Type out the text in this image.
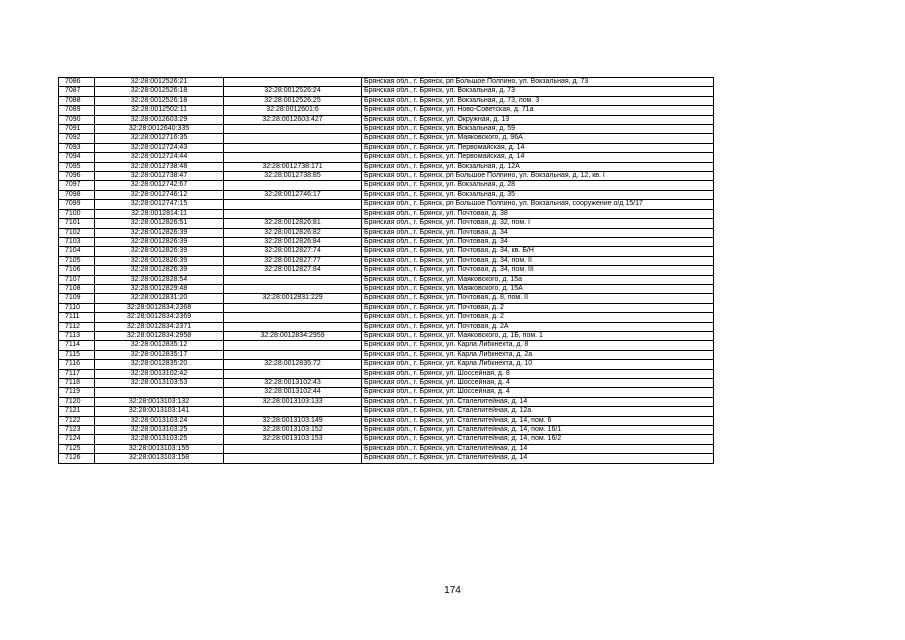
7086	32:28:0012526:21		Брянская обл., г. Брянск, рп Большое Полпино, ул. Вокзальная, д. 73
7087	32:28:0012526:18	32:28:0012526:24	Брянская обл., г. Брянск, ул. Вокзальная, д. 73
7088	32:28:0012526:18	32:28:0012526:25	Брянская обл., г. Брянск, ул. Вокзальная, д. 73, пом. 3
7089	32:28:0012502:11	32:28:0012601:6	Брянская обл., г. Брянск, ул. Ново-Советская, д. 71а
7090	32:28:0012603:29	32:28:0012603:427	Брянская обл., г. Брянск, ул. Окружная, д. 13
7091	32:28:0012640:335		Брянская обл., г. Брянск, ул. Вокзальная, д. 59
7092	32:28:0012716:35		Брянская обл., г. Брянск, ул. Маяковского, д. 96А
7093	32:28:0012724:43		Брянская обл., г. Брянск, ул. Первомайская, д. 14
7094	32:28:0012724:44		Брянская обл., г. Брянск, ул. Первомайская, д. 14
7095	32:28:0012738:48	32:28:0012738:171	Брянская обл., г. Брянск, ул. Вокзальная, д. 12А
7096	32:28:0012738:47	32:28:0012738:85	Брянская обл., г. Брянск, рп Большое Полпино, ул. Вокзальная, д. 12, кв. I
7097	32:28:0012742:67		Брянская обл., г. Брянск, ул. Вокзальная, д. 28
7098	32:28:0012746:12	32:28:0012746:17	Брянская обл., г. Брянск, ул. Вокзальная, д. 35
7099	32:28:0012747:15		Брянская обл., г. Брянск, рп Большое Полпино, ул. Вокзальная, сооружение о/д 15/17
7100	32:28:0012814:11		Брянская обл., г. Брянск, ул. Почтовая, д. 38
7101	32:28:0012826:51	32:28:0012826:81	Брянская обл., г. Брянск, ул. Почтовая, д. 32, пом. I
7102	32:28:0012826:39	32:28:0012826:82	Брянская обл., г. Брянск, ул. Почтовая, д. 34
7103	32:28:0012826:39	32:28:0012826:84	Брянская обл., г. Брянск, ул. Почтовая, д. 34
7104	32:28:0012826:39	32:28:0012827:74	Брянская обл., г. Брянск, ул. Почтовая, д. 34, кв. Б/Н
7105	32:28:0012826:39	32:28:0012827:77	Брянская обл., г. Брянск, ул. Почтовая, д. 34, пом. II
7106	32:28:0012826:39	32:28:0012827:84	Брянская обл., г. Брянск, ул. Почтовая, д. 34, пом. III
7107	32:28:0012828:54		Брянская обл., г. Брянск, ул. Маяковского, д. 15а
7108	32:28:0012829:48		Брянская обл., г. Брянск, ул. Маяковского, д. 15А
7109	32:28:0012831:20	32:28:0012831:229	Брянская обл., г. Брянск, ул. Почтовая, д. 8, пом. II
7110	32:28:0012834:2368		Брянская обл., г. Брянск, ул. Почтовая, д. 2
7111	32:28:0012834:2369		Брянская обл., г. Брянск, ул. Почтовая, д. 2
7112	32:28:0012834:2371		Брянская обл., г. Брянск, ул. Почтовая, д. 2А
7113	32:28:0012834:2958	32:28:0012834:2959	Брянская обл., г. Брянск, ул. Маяковского, д. 1Б, пом. 1
7114	32:28:0012835:12		Брянская обл., г. Брянск, ул. Карла Либкнехта, д. 8
7115	32:28:0012835:17		Брянская обл., г. Брянск, ул. Карла Либкнехта, д. 2а
7116	32:28:0012835:20	32:28:0012835:72	Брянская обл., г. Брянск, ул. Карла Либкнехта, д. 10
7117	32:28:0013102:42		Брянская обл., г. Брянск, ул. Шоссейная, д. 8
7118	32:28:0013103:53	32:28:0013102:43	Брянская обл., г. Брянск, ул. Шоссейная, д. 4
7119		32:28:0013102:44	Брянская обл., г. Брянск, ул. Шоссейная, д. 4
7120	32:28:0013103:132	32:28:0013103:133	Брянская обл., г. Брянск, ул. Сталелитейная, д. 14
7121	32:28:0013103:141		Брянская обл., г. Брянск, ул. Сталелитейная, д. 12а
7122	32:28:0013103:24	32:28:0013103:149	Брянская обл., г. Брянск, ул. Сталелитейная, д. 14, пом. 6
7123	32:28:0013103:25	32:28:0013103:152	Брянская обл., г. Брянск, ул. Сталелитейная, д. 14, пом. 16/1
7124	32:28:0013103:25	32:28:0013103:153	Брянская обл., г. Брянск, ул. Сталелитейная, д. 14, пом. 16/2
7125	32:28:0013103:155		Брянская обл., г. Брянск, ул. Сталелитейная, д. 14
7126	32:28:0013103:158		Брянская обл., г. Брянск, ул. Сталелитейная, д. 14
174
